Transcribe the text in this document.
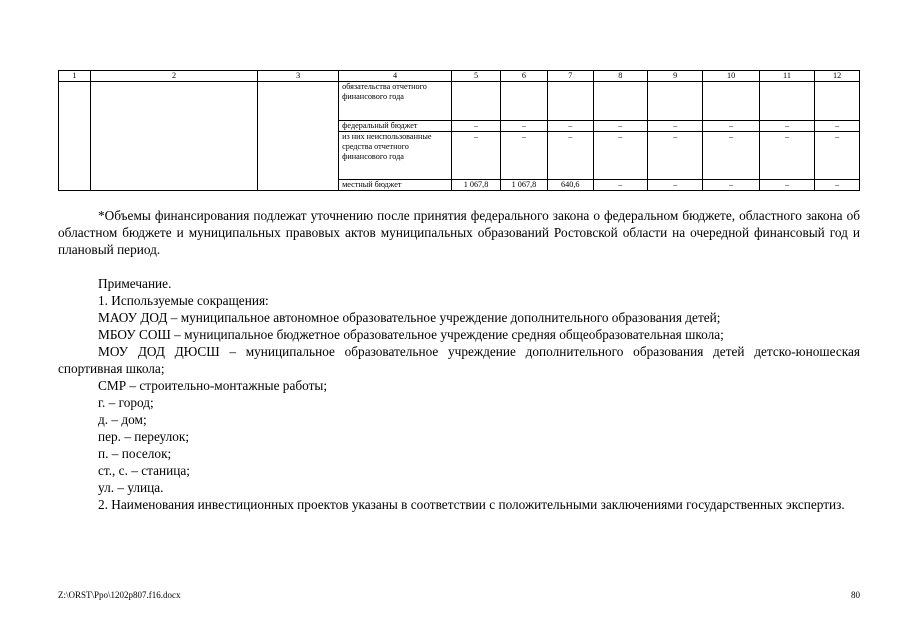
1	2	3	4	5	6	7	8	9	10	11	12
			обязательства отчетного финансового года								
			федеральный бюджет	–	–	–	–	–	–	–	–
			из них неиспользованные средства отчетного финансового года	–	–	–	–	–	–	–	–
			местный бюджет	1 067,8	1 067,8	640,6	–	–	–	–	–

*Объемы финансирования подлежат уточнению после принятия федерального закона о федеральном бюджете, областного закона об областном бюджете и муниципальных правовых актов муниципальных образований Ростовской области на очередной финансовый год и плановый период.

Примечание.

1. Используемые сокращения:

МАОУ ДОД – муниципальное автономное образовательное учреждение дополнительного образования детей;

МБОУ СОШ – муниципальное бюджетное образовательное учреждение средняя общеобразовательная школа;

МОУ ДОД ДЮСШ – муниципальное образовательное учреждение дополнительного образования детей детско-юношеская спортивная школа;

СМР – строительно-монтажные работы;

г. – город;

д. – дом;

пер. – переулок;

п. – поселок;

ст., с. – станица;

ул. – улица.

2. Наименования инвестиционных проектов указаны в соответствии с положительными заключениями государственных экспертиз.

Z:\ORST\Ppo\1202p807.f16.docx	80
